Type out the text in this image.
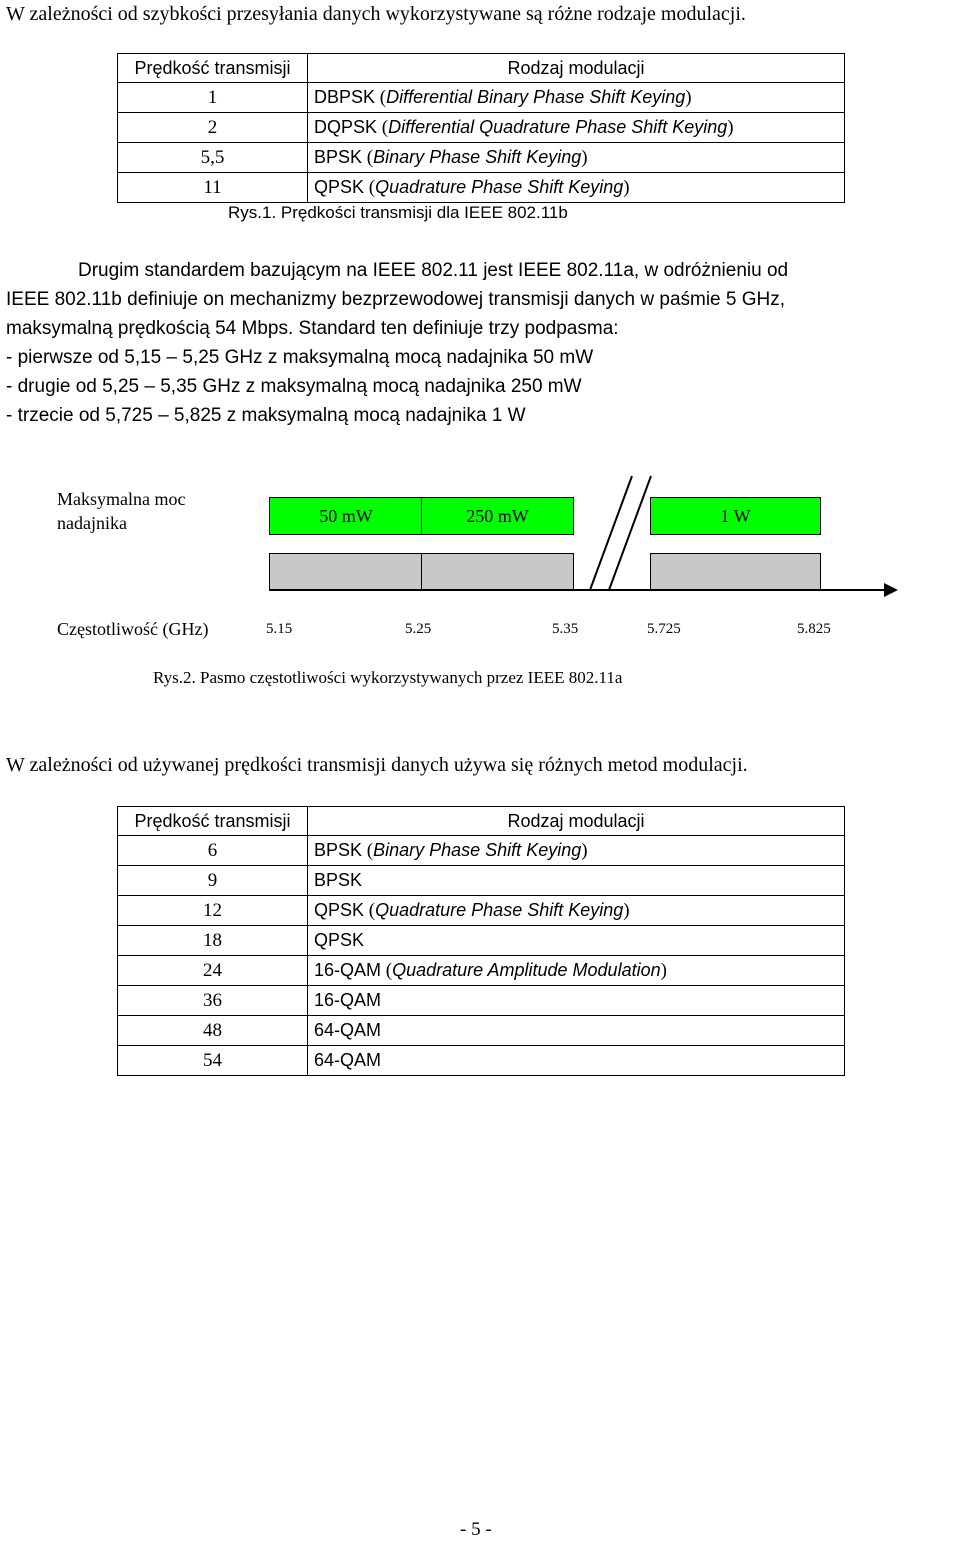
W zależności od szybkości przesyłania danych wykorzystywane są różne rodzaje modulacji.

Prędkość transmisji	Rodzaj modulacji
1	DBPSK (Differential Binary Phase Shift Keying)
2	DQPSK (Differential Quadrature Phase Shift Keying)
5,5	BPSK (Binary Phase Shift Keying)
11	QPSK (Quadrature Phase Shift Keying)
Rys.1. Prędkości transmisji dla IEEE 802.11b

Drugim standardem bazującym na IEEE 802.11 jest IEEE 802.11a, w odróżnieniu od

IEEE 802.11b definiuje on mechanizmy bezprzewodowej transmisji danych w paśmie 5 GHz,

maksymalną prędkością 54 Mbps. Standard ten definiuje trzy podpasma:

- pierwsze od 5,15 – 5,25 GHz z maksymalną mocą nadajnika 50 mW

- drugie od 5,25 – 5,35 GHz z maksymalną mocą nadajnika 250 mW

- trzecie od 5,725 – 5,825 z maksymalną mocą nadajnika 1 W

Maksymalna moc
nadajnika	50 mW	250 mW	1 W
Częstotliwość (GHz)	5.15	5.25	5.35	5.725	5.825
Rys.2. Pasmo częstotliwości wykorzystywanych przez IEEE 802.11a

W zależności od używanej prędkości transmisji danych używa się różnych metod modulacji.

Prędkość transmisji	Rodzaj modulacji
6	BPSK (Binary Phase Shift Keying)
9	BPSK
12	QPSK (Quadrature Phase Shift Keying)
18	QPSK
24	16-QAM (Quadrature Amplitude Modulation)
36	16-QAM
48	64-QAM
54	64-QAM
- 5 -
